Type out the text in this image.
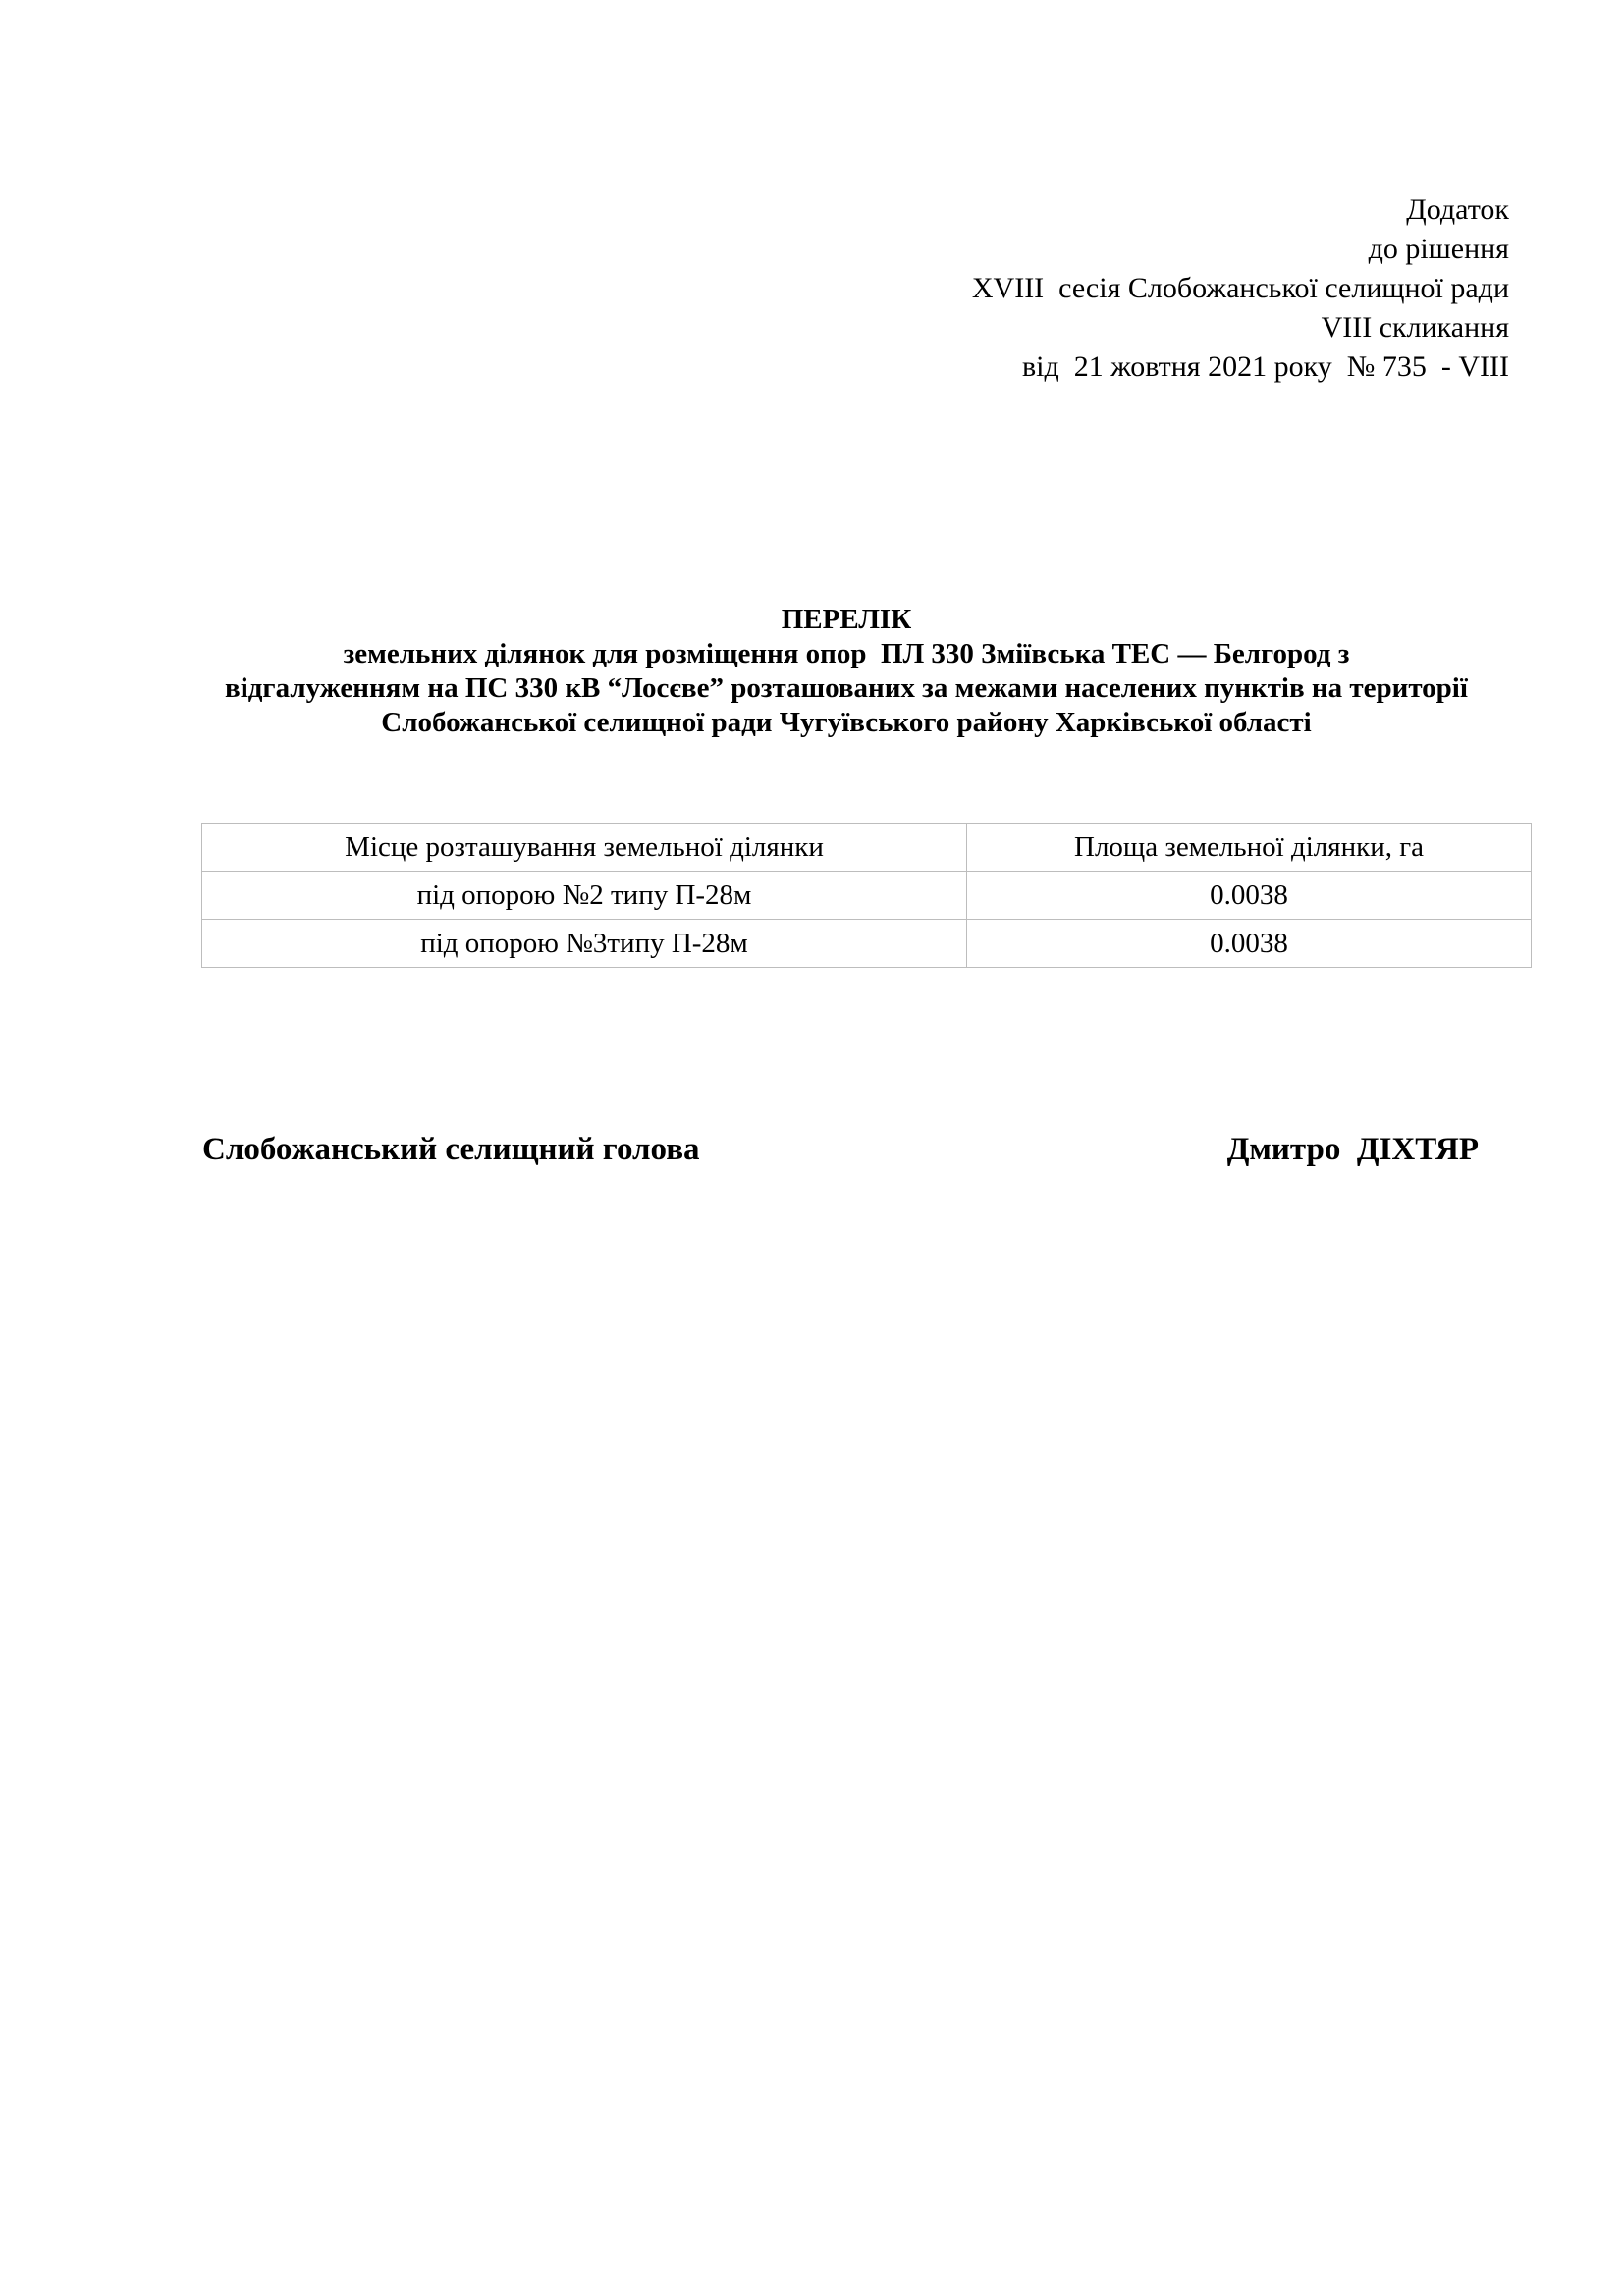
Додаток
до рішення
XVIII  сесія Слобожанської селищної ради
VIII скликання
від  21 жовтня 2021 року  № 735  - VIII
ПЕРЕЛІК
земельних ділянок для розміщення опор  ПЛ 330 Зміївська ТЕС — Белгород з
відгалуженням на ПС 330 кВ “Лосєве” розташованих за межами населених пунктів на території
Слобожанської селищної ради Чугуївського району Харківської області
Місце розташування земельної ділянки	Площа земельної ділянки, га
під опорою №2 типу П-28м	0.0038
під опорою №3типу П-28м	0.0038
Слобожанський селищний голова	Дмитро  ДІХТЯР
